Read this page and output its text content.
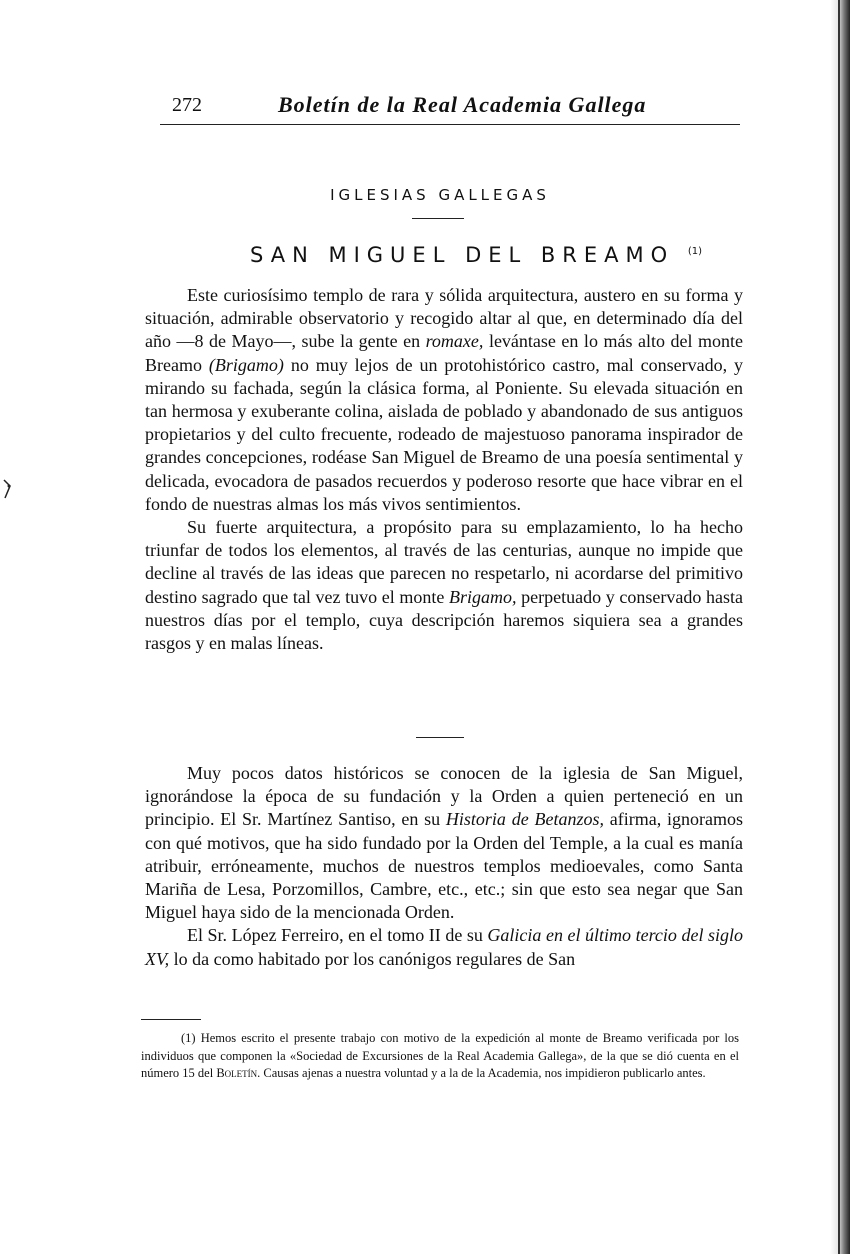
272	Boletín de la Real Academia Gallega
IGLESIAS GALLEGAS
SAN MIGUEL DEL BREAMO $^{(1)}$

Este curiosísimo templo de rara y sólida arquitectura, austero en su forma y situación, admirable observatorio y recogido altar al que, en determinado día del año —8 de Mayo—, sube la gente en romaxe, levántase en lo más alto del monte Breamo (Brigamo) no muy lejos de un protohistórico castro, mal conservado, y mirando su fachada, según la clásica forma, al Poniente. Su elevada situación en tan hermosa y exuberante colina, aislada de poblado y abandonado de sus antiguos propietarios y del culto frecuente, rodeado de majestuoso panorama inspirador de grandes concepciones, rodéase San Miguel de Breamo de una poesía sentimental y delicada, evocadora de pasados recuerdos y poderoso resorte que hace vibrar en el fondo de nuestras almas los más vivos sentimientos.

Su fuerte arquitectura, a propósito para su emplazamiento, lo ha hecho triunfar de todos los elementos, al través de las centurias, aunque no impide que decline al través de las ideas que parecen no respetarlo, ni acordarse del primitivo destino sagrado que tal vez tuvo el monte Brigamo, perpetuado y conservado hasta nuestros días por el templo, cuya descripción haremos siquiera sea a grandes rasgos y en malas líneas.

Muy pocos datos históricos se conocen de la iglesia de San Miguel, ignorándose la época de su fundación y la Orden a quien perteneció en un principio. El Sr. Martínez Santiso, en su Historia de Betanzos, afirma, ignoramos con qué motivos, que ha sido fundado por la Orden del Temple, a la cual es manía atribuir, erróneamente, muchos de nuestros templos medioevales, como Santa Mariña de Lesa, Porzomillos, Cambre, etc., etc.; sin que esto sea negar que San Miguel haya sido de la mencionada Orden.

El Sr. López Ferreiro, en el tomo II de su Galicia en el último tercio del siglo XV, lo da como habitado por los canónigos regulares de San

(1) Hemos escrito el presente trabajo con motivo de la expedición al monte de Breamo verificada por los individuos que componen la «Sociedad de Excursiones de la Real Academia Gallega», de la que se dió cuenta en el número 15 del Boletín. Causas ajenas a nuestra voluntad y a la de la Academia, nos impidieron publicarlo antes.
